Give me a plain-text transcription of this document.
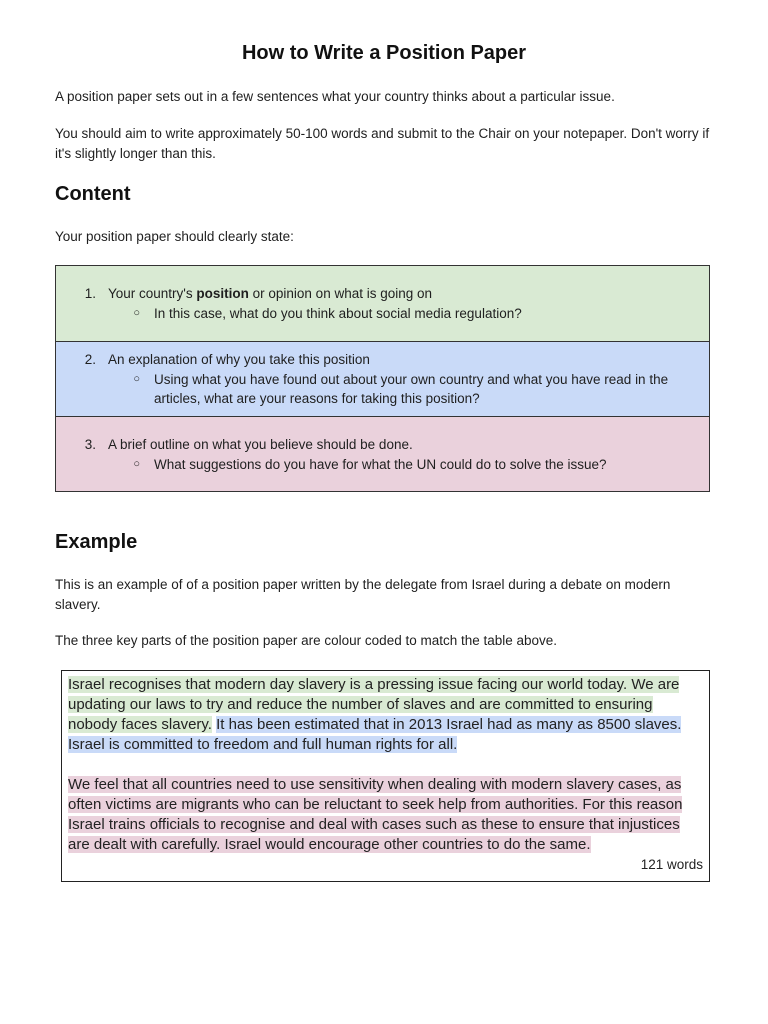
How to Write a Position Paper
A position paper sets out in a few sentences what your country thinks about a particular issue.
You should aim to write approximately 50-100 words and submit to the Chair on your notepaper. Don't worry if it's slightly longer than this.
Content
Your position paper should clearly state:
1. Your country's position or opinion on what is going on
○	In this case, what do you think about social media regulation?
2. An explanation of why you take this position
○	Using what you have found out about your own country and what you have read in the articles, what are your reasons for taking this position?
3. A brief outline on what you believe should be done.
○	What suggestions do you have for what the UN could do to solve the issue?
Example
This is an example of of a position paper written by the delegate from Israel during a debate on modern slavery.
The three key parts of the position paper are colour coded to match the table above.

Israel recognises that modern day slavery is a pressing issue facing our world today. We are updating our laws to try and reduce the number of slaves and are committed to ensuring nobody faces slavery. It has been estimated that in 2013 Israel had as many as 8500 slaves. Israel is committed to freedom and full human rights for all.

We feel that all countries need to use sensitivity when dealing with modern slavery cases, as often victims are migrants who can be reluctant to seek help from authorities. For this reason Israel trains officials to recognise and deal with cases such as these to ensure that injustices are dealt with carefully. Israel would encourage other countries to do the same.

121 words
